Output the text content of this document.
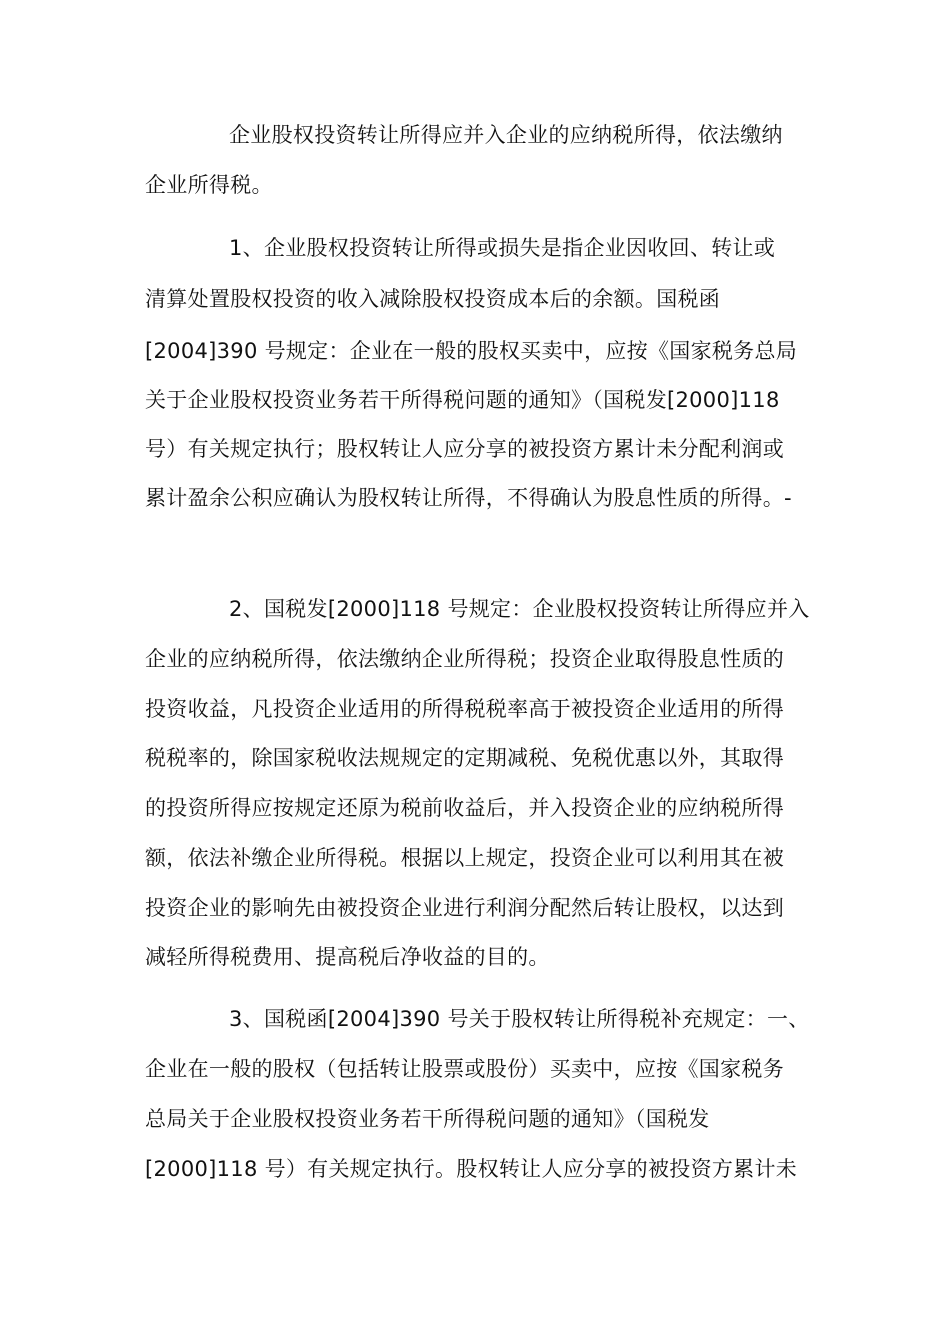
企业股权投资转让所得应并入企业的应纳税所得，依法缴纳
企业所得税。
1、企业股权投资转让所得或损失是指企业因收回、转让或
清算处置股权投资的收入减除股权投资成本后的余额。国税函
[2004]390 号规定：企业在一般的股权买卖中，应按《国家税务总局
关于企业股权投资业务若干所得税问题的通知》（国税发[2000]118
号）有关规定执行；股权转让人应分享的被投资方累计未分配利润或
累计盈余公积应确认为股权转让所得，不得确认为股息性质的所得。-
2、国税发[2000]118 号规定：企业股权投资转让所得应并入
企业的应纳税所得，依法缴纳企业所得税；投资企业取得股息性质的
投资收益，凡投资企业适用的所得税税率高于被投资企业适用的所得
税税率的，除国家税收法规规定的定期减税、免税优惠以外，其取得
的投资所得应按规定还原为税前收益后，并入投资企业的应纳税所得
额，依法补缴企业所得税。根据以上规定，投资企业可以利用其在被
投资企业的影响先由被投资企业进行利润分配然后转让股权，以达到
减轻所得税费用、提高税后净收益的目的。
3、国税函[2004]390 号关于股权转让所得税补充规定：一、
企业在一般的股权（包括转让股票或股份）买卖中，应按《国家税务
总局关于企业股权投资业务若干所得税问题的通知》（国税发
[2000]118 号）有关规定执行。股权转让人应分享的被投资方累计未
